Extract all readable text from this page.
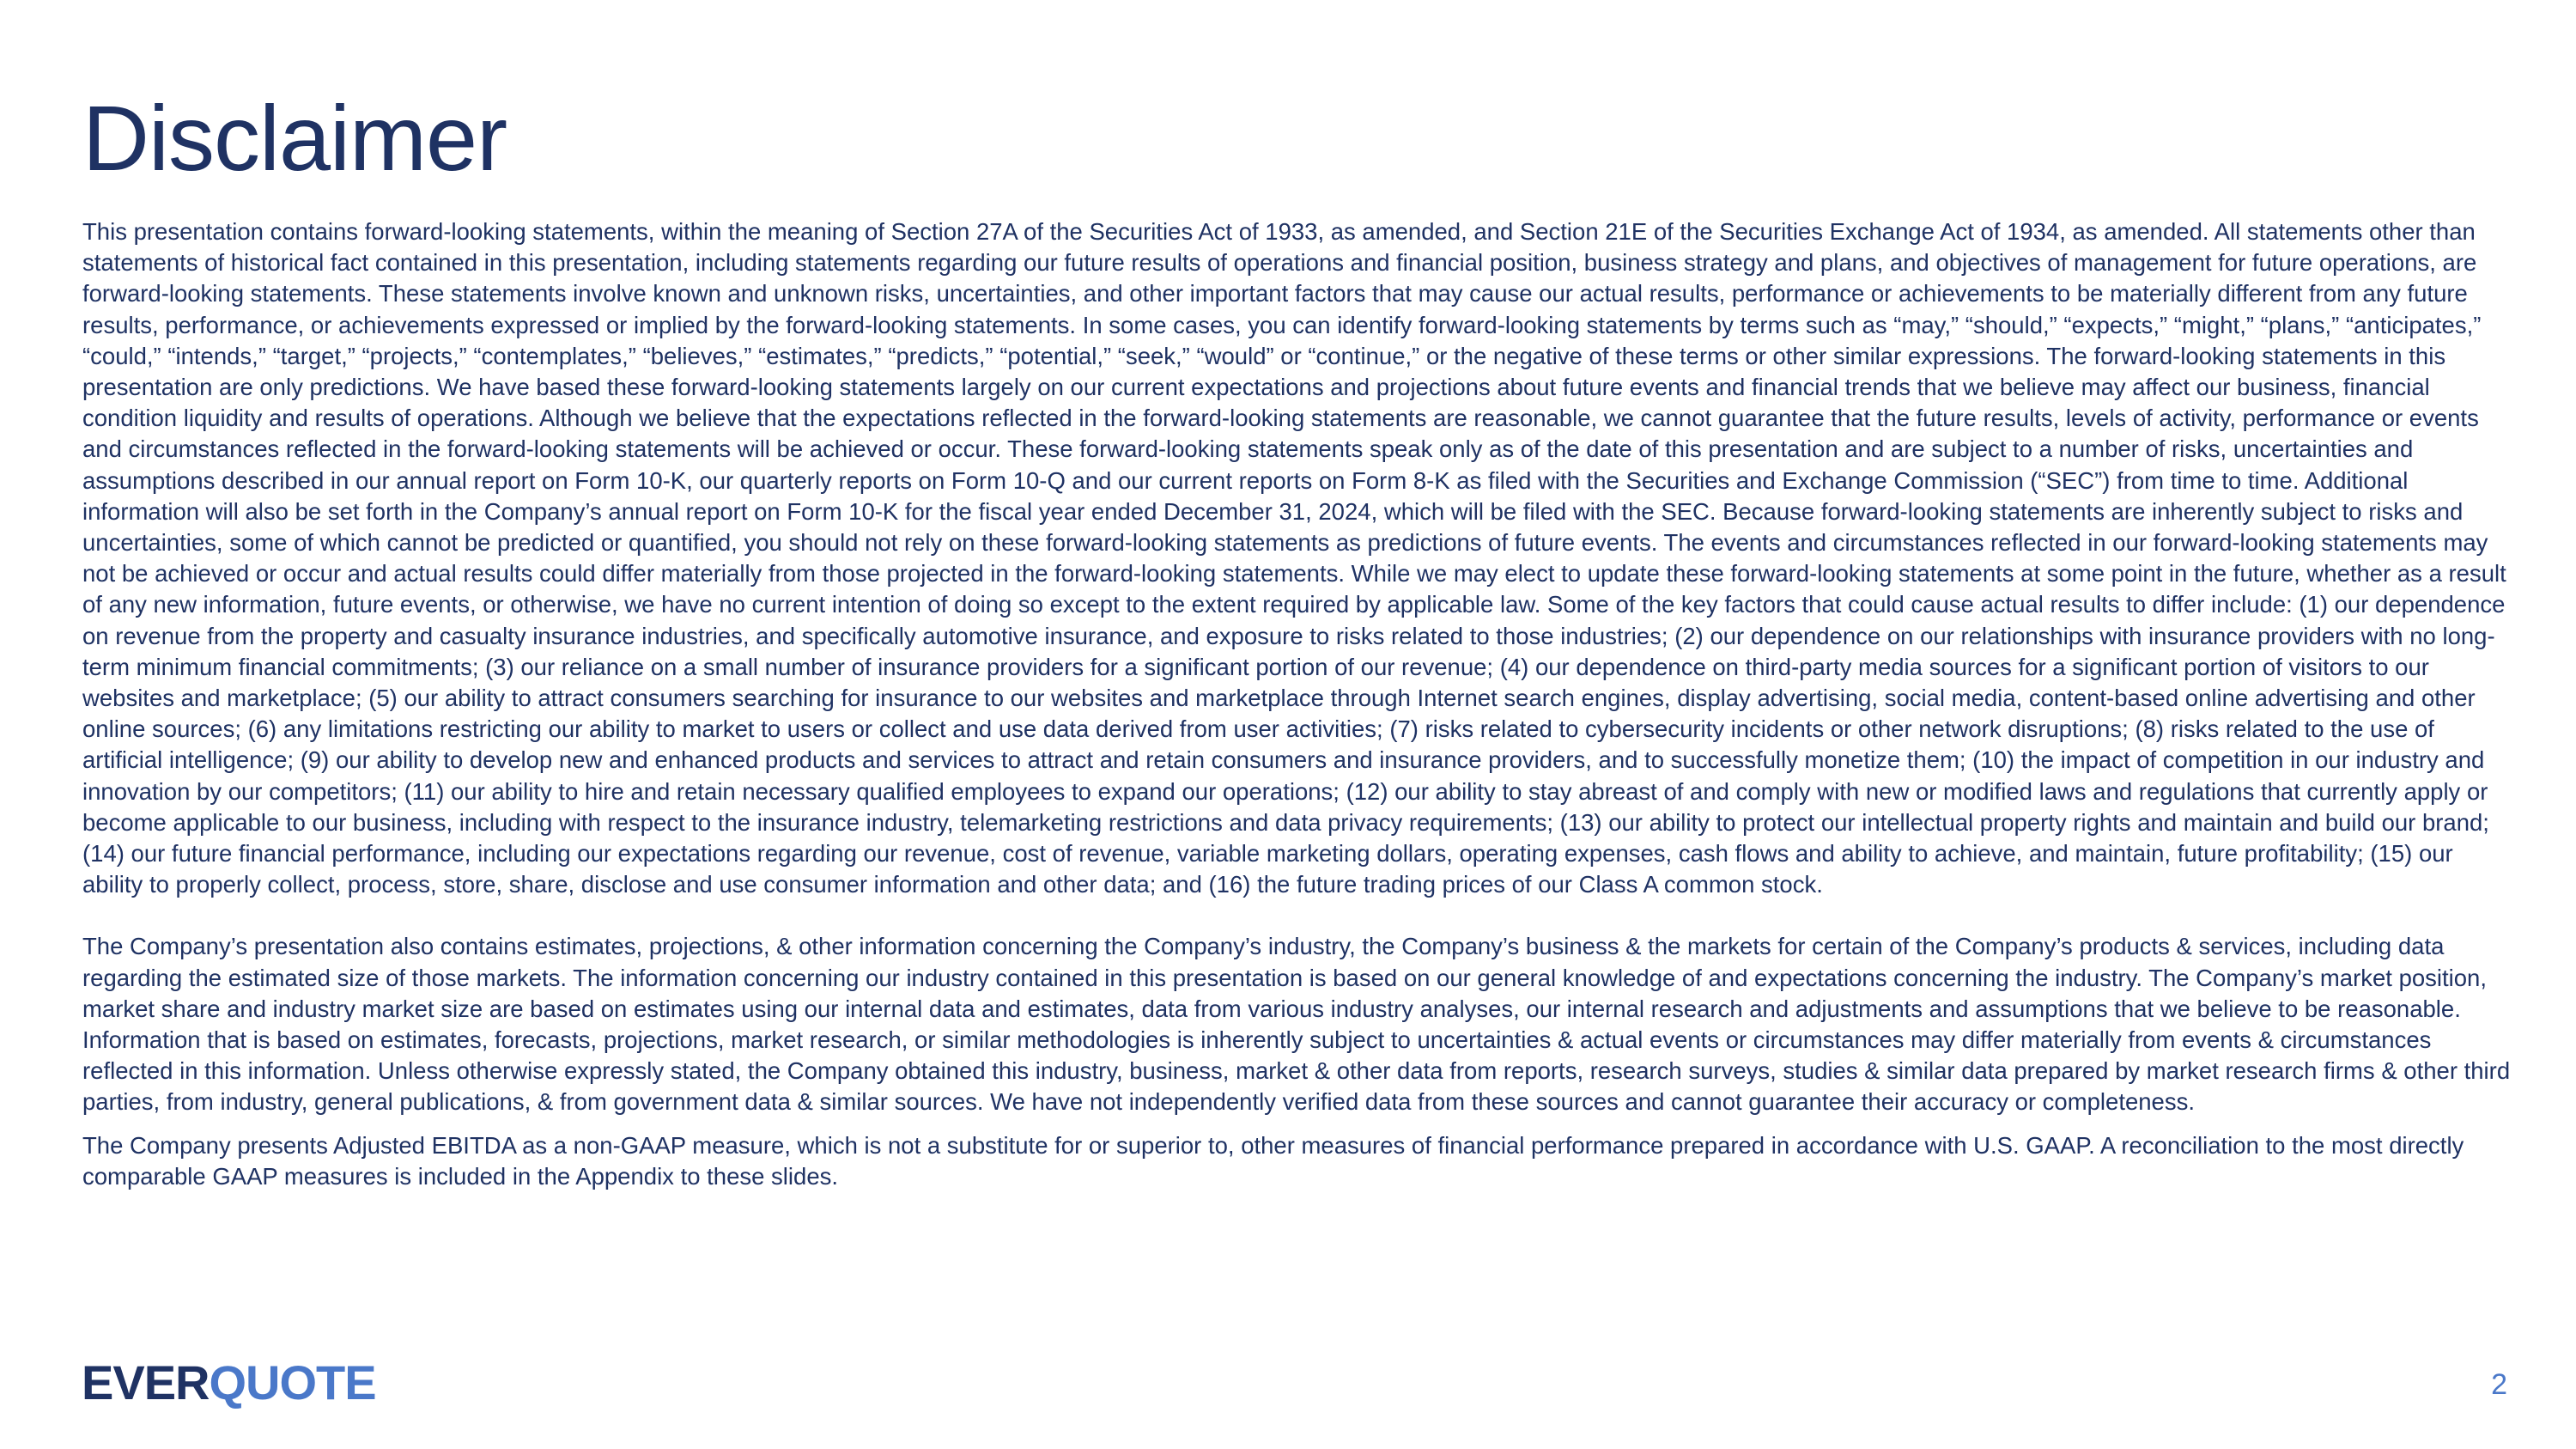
Disclaimer

This presentation contains forward-looking statements, within the meaning of Section 27A of the Securities Act of 1933, as amended, and Section 21E of the Securities Exchange Act of 1934, as amended. All statements other than statements of historical fact contained in this presentation, including statements regarding our future results of operations and financial position, business strategy and plans, and objectives of management for future operations, are forward-looking statements. These statements involve known and unknown risks, uncertainties, and other important factors that may cause our actual results, performance or achievements to be materially different from any future results, performance, or achievements expressed or implied by the forward-looking statements. In some cases, you can identify forward-looking statements by terms such as “may,” “should,” “expects,” “might,” “plans,” “anticipates,” “could,” “intends,” “target,” “projects,” “contemplates,” “believes,” “estimates,” “predicts,” “potential,” “seek,” “would” or “continue,” or the negative of these terms or other similar expressions. The forward-looking statements in this presentation are only predictions. We have based these forward-looking statements largely on our current expectations and projections about future events and financial trends that we believe may affect our business, financial condition liquidity and results of operations. Although we believe that the expectations reflected in the forward-looking statements are reasonable, we cannot guarantee that the future results, levels of activity, performance or events and circumstances reflected in the forward-looking statements will be achieved or occur. These forward-looking statements speak only as of the date of this presentation and are subject to a number of risks, uncertainties and assumptions described in our annual report on Form 10-K, our quarterly reports on Form 10-Q and our current reports on Form 8-K as filed with the Securities and Exchange Commission (“SEC”) from time to time. Additional information will also be set forth in the Company’s annual report on Form 10-K for the fiscal year ended December 31, 2024, which will be filed with the SEC. Because forward-looking statements are inherently subject to risks and uncertainties, some of which cannot be predicted or quantified, you should not rely on these forward-looking statements as predictions of future events. The events and circumstances reflected in our forward-looking statements may not be achieved or occur and actual results could differ materially from those projected in the forward-looking statements. While we may elect to update these forward-looking statements at some point in the future, whether as a result of any new information, future events, or otherwise, we have no current intention of doing so except to the extent required by applicable law. Some of the key factors that could cause actual results to differ include: (1) our dependence on revenue from the property and casualty insurance industries, and specifically automotive insurance, and exposure to risks related to those industries; (2) our dependence on our relationships with insurance providers with no long-term minimum financial commitments; (3) our reliance on a small number of insurance providers for a significant portion of our revenue; (4) our dependence on third-party media sources for a significant portion of visitors to our websites and marketplace; (5) our ability to attract consumers searching for insurance to our websites and marketplace through Internet search engines, display advertising, social media, content-based online advertising and other online sources; (6) any limitations restricting our ability to market to users or collect and use data derived from user activities; (7) risks related to cybersecurity incidents or other network disruptions; (8) risks related to the use of artificial intelligence; (9) our ability to develop new and enhanced products and services to attract and retain consumers and insurance providers, and to successfully monetize them; (10) the impact of competition in our industry and innovation by our competitors; (11) our ability to hire and retain necessary qualified employees to expand our operations; (12) our ability to stay abreast of and comply with new or modified laws and regulations that currently apply or become applicable to our business, including with respect to the insurance industry, telemarketing restrictions and data privacy requirements; (13) our ability to protect our intellectual property rights and maintain and build our brand; (14) our future financial performance, including our expectations regarding our revenue, cost of revenue, variable marketing dollars, operating expenses, cash flows and ability to achieve, and maintain, future profitability; (15) our ability to properly collect, process, store, share, disclose and use consumer information and other data; and (16) the future trading prices of our Class A common stock.

The Company’s presentation also contains estimates, projections, & other information concerning the Company’s industry, the Company’s business & the markets for certain of the Company’s products & services, including data regarding the estimated size of those markets. The information concerning our industry contained in this presentation is based on our general knowledge of and expectations concerning the industry. The Company’s market position, market share and industry market size are based on estimates using our internal data and estimates, data from various industry analyses, our internal research and adjustments and assumptions that we believe to be reasonable. Information that is based on estimates, forecasts, projections, market research, or similar methodologies is inherently subject to uncertainties & actual events or circumstances may differ materially from events & circumstances reflected in this information. Unless otherwise expressly stated, the Company obtained this industry, business, market & other data from reports, research surveys, studies & similar data prepared by market research firms & other third parties, from industry, general publications, & from government data & similar sources. We have not independently verified data from these sources and cannot guarantee their accuracy or completeness.

The Company presents Adjusted EBITDA as a non-GAAP measure, which is not a substitute for or superior to, other measures of financial performance prepared in accordance with U.S. GAAP. A reconciliation to the most directly comparable GAAP measures is included in the Appendix to these slides.

EVERQUOTE	2
